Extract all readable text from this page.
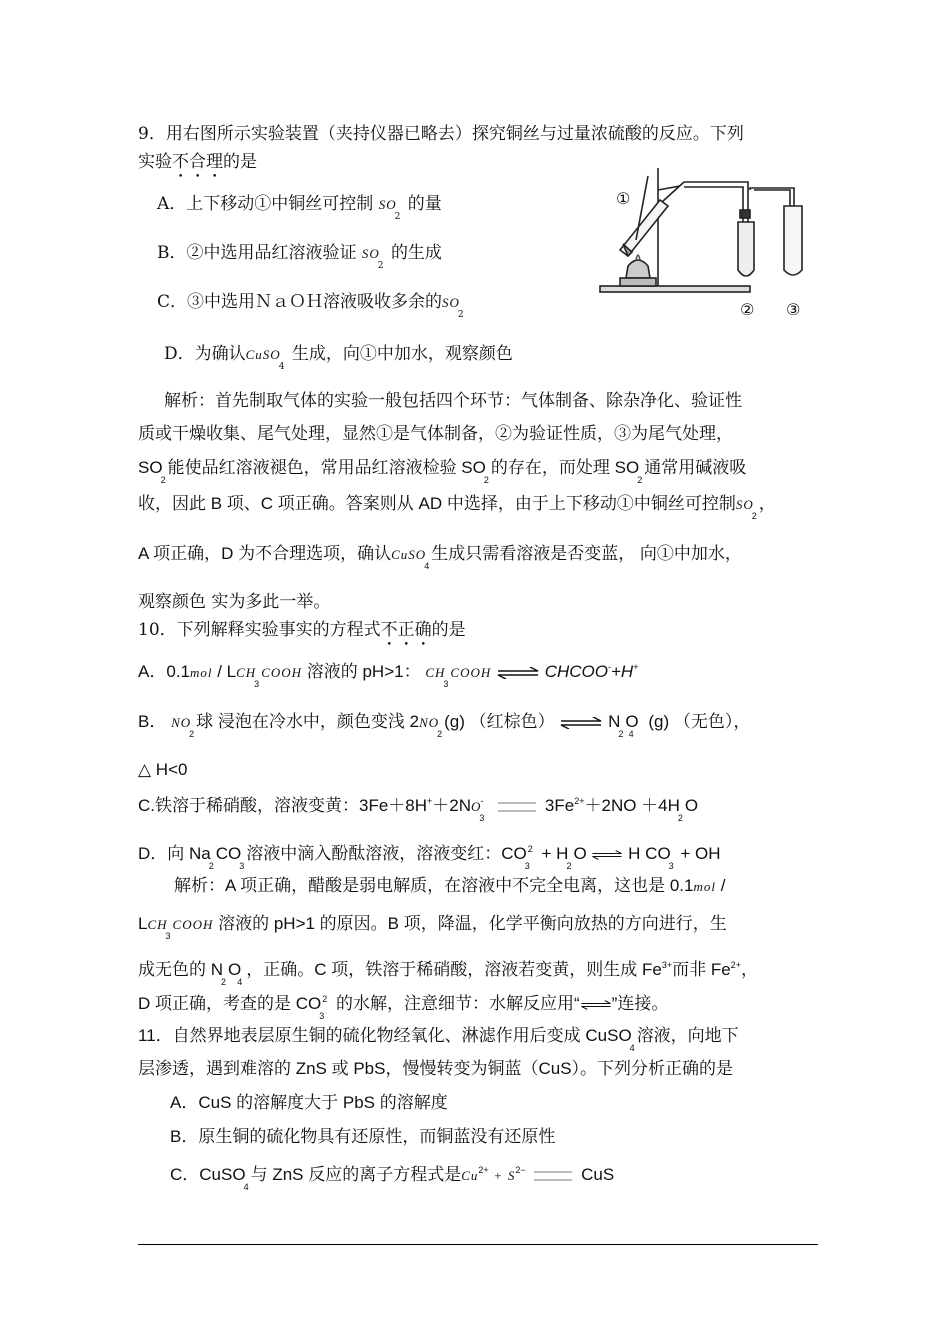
9．用右图所示实验装置（夹持仪器已略去）探究铜丝与过量浓硫酸的反应。下列
实验不合理的是
A．上下移动①中铜丝可控制 $SO_2$ 的量
B．②中选用品红溶液验证 $SO_2$ 的生成
C．③中选用ＮａＯＨ溶液吸收多余的$SO_2$
D．为确认CuSO$_4$ 生成，向①中加水，观察颜色
①
② ③
解析：首先制取气体的实验一般包括四个环节：气体制备、除杂净化、验证性
质或干燥收集、尾气处理，显然①是气体制备，②为验证性质，③为尾气处理，
$SO_2$能使品红溶液褪色，常用品红溶液检验 $SO_2$的存在，而处理 $SO_2$通常用碱液吸
收，因此 B 项、C 项正确。答案则从 AD 中选择，由于上下移动①中铜丝可控制$SO_2$，
A 项正确，D 为不合理选项，确认CuSO$_4$生成只需看溶液是否变蓝， 向①中加水，
观察颜色 实为多此一举。
10．下列解释实验事实的方程式不正确的是
A．$0.1mol / LCH_3COOH$ 溶液的 pH>1： $CH_3COOH$ ⇌ CHCOO-+H+
B． $NO_2$球 浸泡在冷水中，颜色变浅 $2NO_2(g)$ （红棕色） ⇌ $N_2O_4$ (g) （无色），
△ H<0
C.铁溶于稀硝酸，溶液变黄：$3Fe+8H^++2NO_3^-$	$3Fe^{2+}+2NO +4H_2O$
D．向 $Na_2CO_3$溶液中滴入酚酞溶液，溶液变红：$CO_3^2 + H_2O$ ⇌ H $CO_3$ + OH
解析：A 项正确，醋酸是弱电解质，在溶液中不完全电离，这也是 0.1mol /
$LCH_3COOH$ 溶液的 pH>1 的原因。B 项，降温，化学平衡向放热的方向进行，生
成无色的 $N_2O_4$，正确。C 项，铁溶于稀硝酸，溶液若变黄，则生成 $Fe^{3+}$而非 $Fe^{2+}$，
D 项正确，考查的是 $CO_3^2$ 的水解，注意细节：水解反应用“⇌”连接。
11．自然界地表层原生铜的硫化物经氧化、淋滤作用后变成 CuSO$_4$溶液，向地下
层渗透，遇到难溶的 ZnS 或 PbS，慢慢转变为铜蓝（CuS）。下列分析正确的是
A．CuS 的溶解度大于 PbS 的溶解度
B．原生铜的硫化物具有还原性，而铜蓝没有还原性
C．CuSO$_4$与 ZnS 反应的离子方程式是$Cu^{2+} + S^{2-}$	CuS
